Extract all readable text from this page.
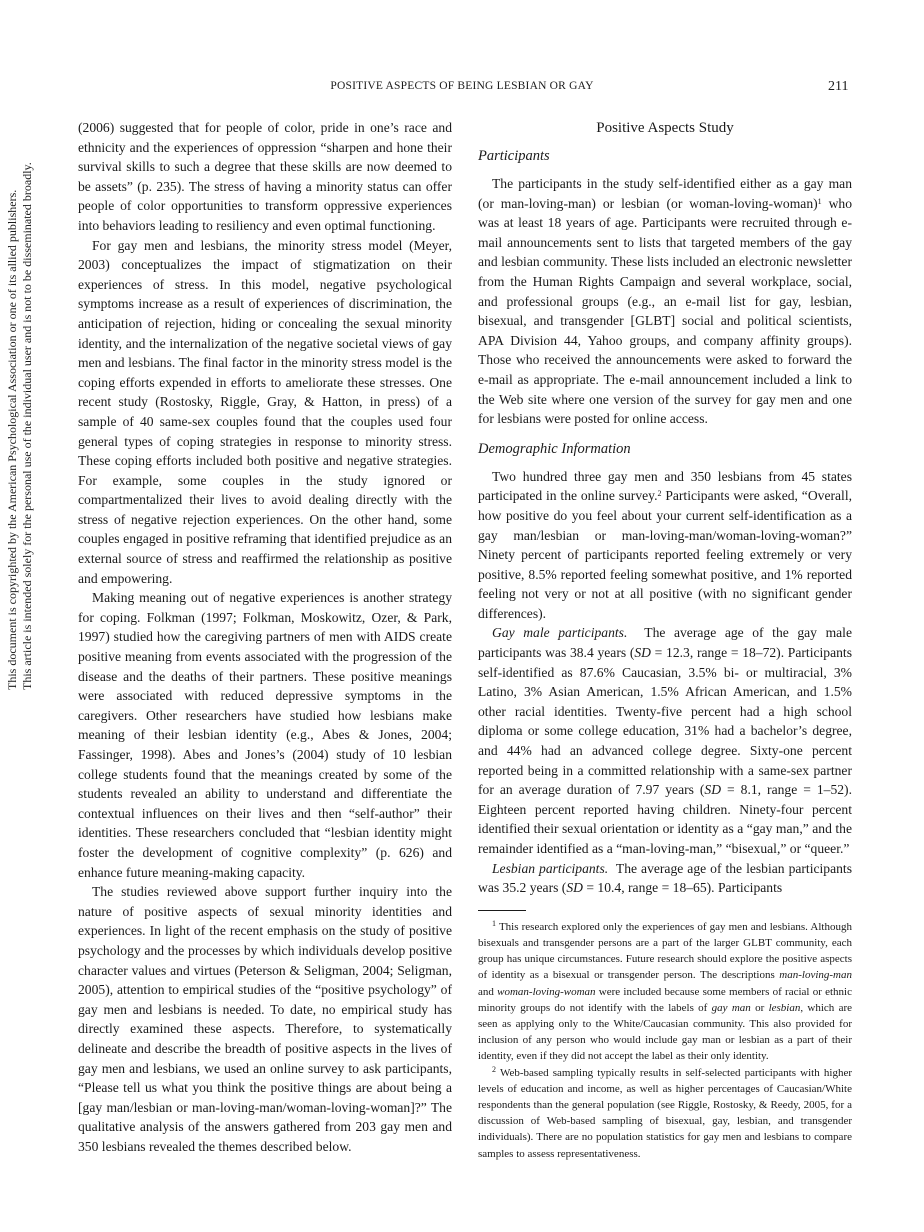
POSITIVE ASPECTS OF BEING LESBIAN OR GAY	211
This document is copyrighted by the American Psychological Association or one of its allied publishers. This article is intended solely for the personal use of the individual user and is not to be disseminated broadly.

(2006) suggested that for people of color, pride in one’s race and ethnicity and the experiences of oppression “sharpen and hone their survival skills to such a degree that these skills are now deemed to be assets” (p. 235). The stress of having a minority status can offer people of color opportunities to transform oppressive experiences into behaviors leading to resiliency and even optimal functioning.

For gay men and lesbians, the minority stress model (Meyer, 2003) conceptualizes the impact of stigmatization on their experiences of stress. In this model, negative psychological symptoms increase as a result of experiences of discrimination, the anticipation of rejection, hiding or concealing the sexual minority identity, and the internalization of the negative societal views of gay men and lesbians. The final factor in the minority stress model is the coping efforts expended in efforts to ameliorate these stresses. One recent study (Rostosky, Riggle, Gray, & Hatton, in press) of a sample of 40 same-sex couples found that the couples used four general types of coping strategies in response to minority stress. These coping efforts included both positive and negative strategies. For example, some couples in the study ignored or compartmentalized their lives to avoid dealing directly with the stress of negative rejection experiences. On the other hand, some couples engaged in positive reframing that identified prejudice as an external source of stress and reaffirmed the relationship as positive and empowering.

Making meaning out of negative experiences is another strategy for coping. Folkman (1997; Folkman, Moskowitz, Ozer, & Park, 1997) studied how the caregiving partners of men with AIDS create positive meaning from events associated with the progression of the disease and the deaths of their partners. These positive meanings were associated with reduced depressive symptoms in the caregivers. Other researchers have studied how lesbians make meaning of their lesbian identity (e.g., Abes & Jones, 2004; Fassinger, 1998). Abes and Jones’s (2004) study of 10 lesbian college students found that the meanings created by some of the students revealed an ability to understand and differentiate the contextual influences on their lives and then “self-author” their identities. These researchers concluded that “lesbian identity might foster the development of cognitive complexity” (p. 626) and enhance future meaning-making capacity.

The studies reviewed above support further inquiry into the nature of positive aspects of sexual minority identities and experiences. In light of the recent emphasis on the study of positive psychology and the processes by which individuals develop positive character values and virtues (Peterson & Seligman, 2004; Seligman, 2005), attention to empirical studies of the “positive psychology” of gay men and lesbians is needed. To date, no empirical study has directly examined these aspects. Therefore, to systematically delineate and describe the breadth of positive aspects in the lives of gay men and lesbians, we used an online survey to ask participants, “Please tell us what you think the positive things are about being a [gay man/lesbian or man-loving-man/woman-loving-woman]?” The qualitative analysis of the answers gathered from 203 gay men and 350 lesbians revealed the themes described below.

Positive Aspects Study
Participants

The participants in the study self-identified either as a gay man (or man-loving-man) or lesbian (or woman-loving-woman)$^1$ who was at least 18 years of age. Participants were recruited through e-mail announcements sent to lists that targeted members of the gay and lesbian community. These lists included an electronic newsletter from the Human Rights Campaign and several workplace, social, and professional groups (e.g., an e-mail list for gay, lesbian, bisexual, and transgender [GLBT] social and political scientists, APA Division 44, Yahoo groups, and company affinity groups). Those who received the announcements were asked to forward the e-mail as appropriate. The e-mail announcement included a link to the Web site where one version of the survey for gay men and one for lesbians were posted for online access.

Demographic Information

Two hundred three gay men and 350 lesbians from 45 states participated in the online survey.$^2$ Participants were asked, “Overall, how positive do you feel about your current self-identification as a gay man/lesbian or man-loving-man/woman-loving-woman?” Ninety percent of participants reported feeling extremely or very positive, 8.5% reported feeling somewhat positive, and 1% reported feeling not very or not at all positive (with no significant gender differences).

Gay male participants. The average age of the gay male participants was 38.4 years (SD = 12.3, range = 18–72). Participants self-identified as 87.6% Caucasian, 3.5% bi- or multiracial, 3% Latino, 3% Asian American, 1.5% African American, and 1.5% other racial identities. Twenty-five percent had a high school diploma or some college education, 31% had a bachelor’s degree, and 44% had an advanced college degree. Sixty-one percent reported being in a committed relationship with a same-sex partner for an average duration of 7.97 years (SD = 8.1, range = 1–52). Eighteen percent reported having children. Ninety-four percent identified their sexual orientation or identity as a “gay man,” and the remainder identified as a “man-loving-man,” “bisexual,” or “queer.”

Lesbian participants. The average age of the lesbian participants was 35.2 years (SD = 10.4, range = 18–65). Participants

$^1$ This research explored only the experiences of gay men and lesbians. Although bisexuals and transgender persons are a part of the larger GLBT community, each group has unique circumstances. Future research should explore the positive aspects of identity as a bisexual or transgender person. The descriptions man-loving-man and woman-loving-woman were included because some members of racial or ethnic minority groups do not identify with the labels of gay man or lesbian, which are seen as applying only to the White/Caucasian community. This also provided for inclusion of any person who would include gay man or lesbian as a part of their identity, even if they did not accept the label as their only identity.

$^2$ Web-based sampling typically results in self-selected participants with higher levels of education and income, as well as higher percentages of Caucasian/White respondents than the general population (see Riggle, Rostosky, & Reedy, 2005, for a discussion of Web-based sampling of bisexual, gay, lesbian, and transgender individuals). There are no population statistics for gay men and lesbians to compare samples to assess representativeness.
